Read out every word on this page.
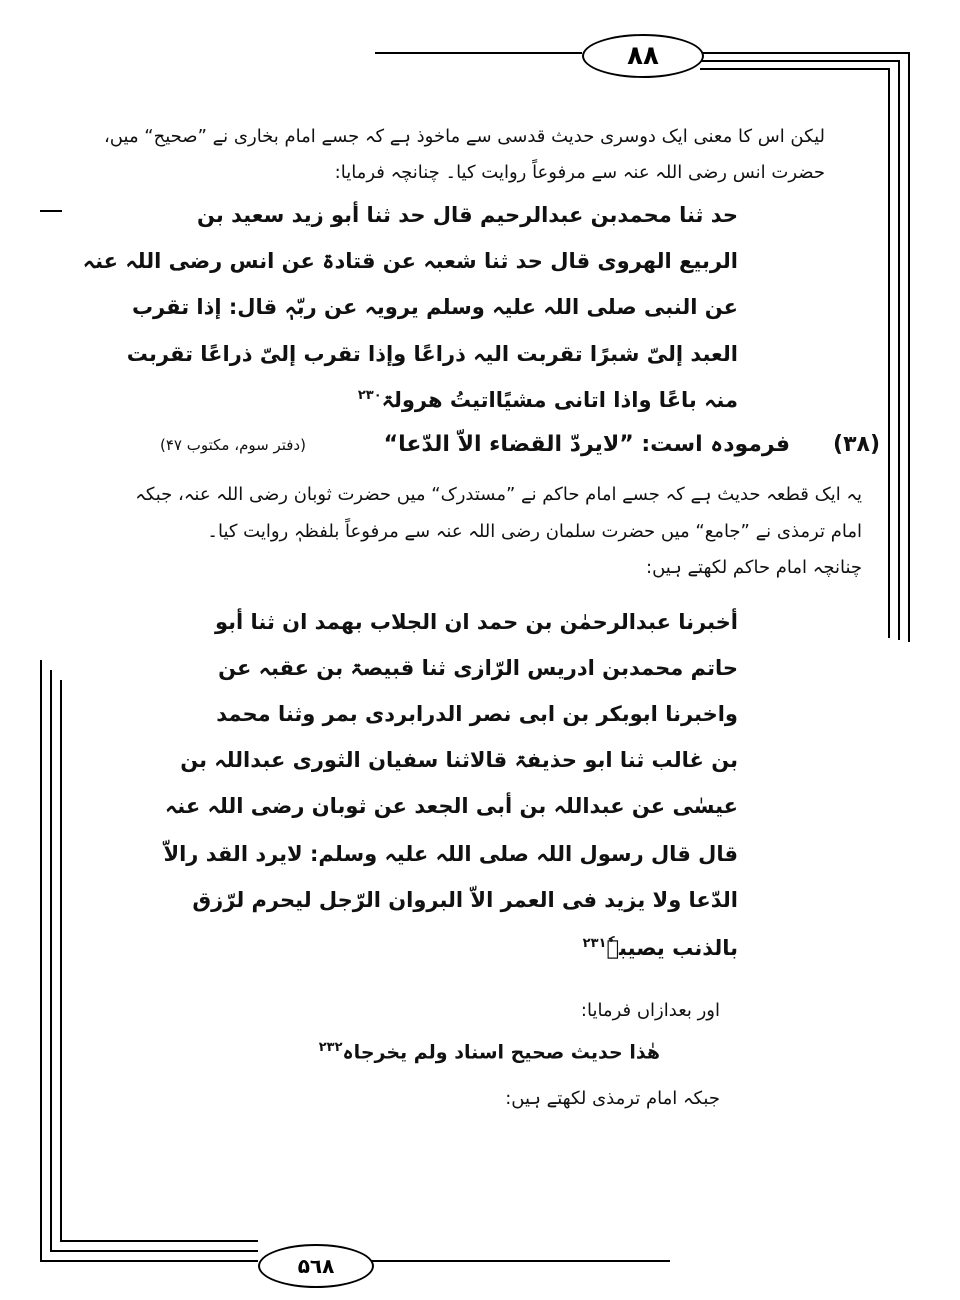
۸۸
۵٦۸
لیکن اس کا معنی ایک دوسری حدیث قدسی سے ماخوذ ہے کہ جسے امام بخاری نے ”صحیح“ میں،
حضرت انس رضی اللہ عنہ سے مرفوعاً روایت کیا۔ چنانچہ فرمایا:
حد ثنا محمدبن عبدالرحیم قال حد ثنا أبو زید سعید بن
الربیع الھروی قال حد ثنا شعبہ عن قتادۃ عن انس رضی اللہ عنہ
عن النبی صلی اللہ علیہ وسلم یرویہ عن ربّہٖ قال: إذا تقرب
العبد إلیّ شبرًا تقربت الیہ ذراعًا وإذا تقرب إلیّ ذراعًا تقربت
منہ باعًا واذا اتانی مشیًااتیتُ ھرولۃ$^{۲۳۰}$
(۳۸)
فرمودہ است: ”لایردّ القضاء الاّ الدّعا“
(دفتر سوم، مکتوب ۴۷)
یہ ایک قطعہ حدیث ہے کہ جسے امام حاکم نے ”مستدرک“ میں حضرت ثوبان رضی اللہ عنہ، جبکہ
امام ترمذی نے ”جامع“ میں حضرت سلمان رضی اللہ عنہ سے مرفوعاً بلفظہٖ روایت کیا۔
چنانچہ امام حاکم لکھتے ہیں:
أخبرنا عبدالرحمٰن بن حمد ان الجلاب بھمد ان ثنا أبو
حاتم محمدبن ادریس الرّازی ثنا قبیصۃ بن عقبہ عن
واخبرنا ابوبکر بن ابی نصر الدرابردی بمر وثنا محمد
بن غالب ثنا ابو حذیفۃ قالاثنا سفیان الثوری عبداللہ بن
عیسٰی عن عبداللہ بن أبی الجعد عن ثوبان رضی اللہ عنہ
قال قال رسول اللہ صلی اللہ علیہ وسلم: لایرد القد رالاّ
الدّعا ولا یزید فی العمر الاّ البروان الرّجل لیحرم لرّزق
بالذنب یصیبہٗ$^{۲۳۱}$
اور بعدازاں فرمایا:
ھٰذا حدیث صحیح اسناد ولم یخرجاہ$^{۲۳۲}$
جبکہ امام ترمذی لکھتے ہیں:
